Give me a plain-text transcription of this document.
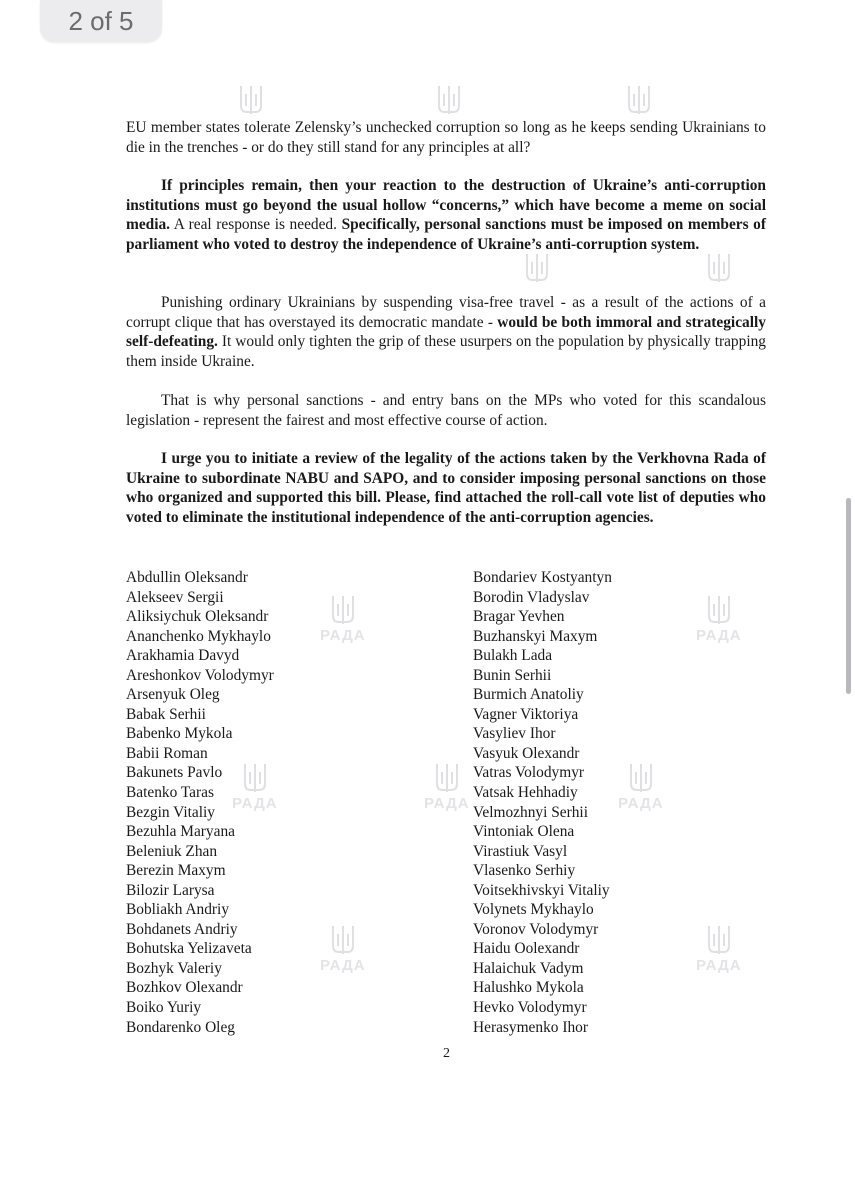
2 of 5
РАДА	РАДА
РАДА	РАДА	РАДА
РАДА	РАДА
EU member states tolerate Zelensky’s unchecked corruption so long as he keeps sending Ukrainians to die in the trenches - or do they still stand for any principles at all?
If principles remain, then your reaction to the destruction of Ukraine’s anti-corruption institutions must go beyond the usual hollow “concerns,” which have become a meme on social media. A real response is needed. Specifically, personal sanctions must be imposed on members of parliament who voted to destroy the independence of Ukraine’s anti-corruption system.
Punishing ordinary Ukrainians by suspending visa-free travel - as a result of the actions of a corrupt clique that has overstayed its democratic mandate - would be both immoral and strategically self-defeating. It would only tighten the grip of these usurpers on the population by physically trapping them inside Ukraine.
That is why personal sanctions - and entry bans on the MPs who voted for this scandalous legislation - represent the fairest and most effective course of action.
I urge you to initiate a review of the legality of the actions taken by the Verkhovna Rada of Ukraine to subordinate NABU and SAPO, and to consider imposing personal sanctions on those who organized and supported this bill. Please, find attached the roll-call vote list of deputies who voted to eliminate the institutional independence of the anti-corruption agencies.
Abdullin Oleksandr
Alekseev Sergii
Aliksiychuk Oleksandr
Ananchenko Mykhaylo
Arakhamia Davyd
Areshonkov Volodymyr
Arsenyuk Oleg
Babak Serhii
Babenko Mykola
Babii Roman
Bakunets Pavlo
Batenko Taras
Bezgin Vitaliy
Bezuhla Maryana
Beleniuk Zhan
Berezin Maxym
Bilozir Larysa
Bobliakh Andriy
Bohdanets Andriy
Bohutska Yelizaveta
Bozhyk Valeriy
Bozhkov Olexandr
Boiko Yuriy
Bondarenko Oleg
Bondariev Kostyantyn
Borodin Vladyslav
Bragar Yevhen
Buzhanskyi Maxym
Bulakh Lada
Bunin Serhii
Burmich Anatoliy
Vagner Viktoriya
Vasyliev Ihor
Vasyuk Olexandr
Vatras Volodymyr
Vatsak Hehhadiy
Velmozhnyi Serhii
Vintoniak Olena
Virastiuk Vasyl
Vlasenko Serhiy
Voitsekhivskyi Vitaliy
Volynets Mykhaylo
Voronov Volodymyr
Haidu Oolexandr
Halaichuk Vadym
Halushko Mykola
Hevko Volodymyr
Herasymenko Ihor
2
